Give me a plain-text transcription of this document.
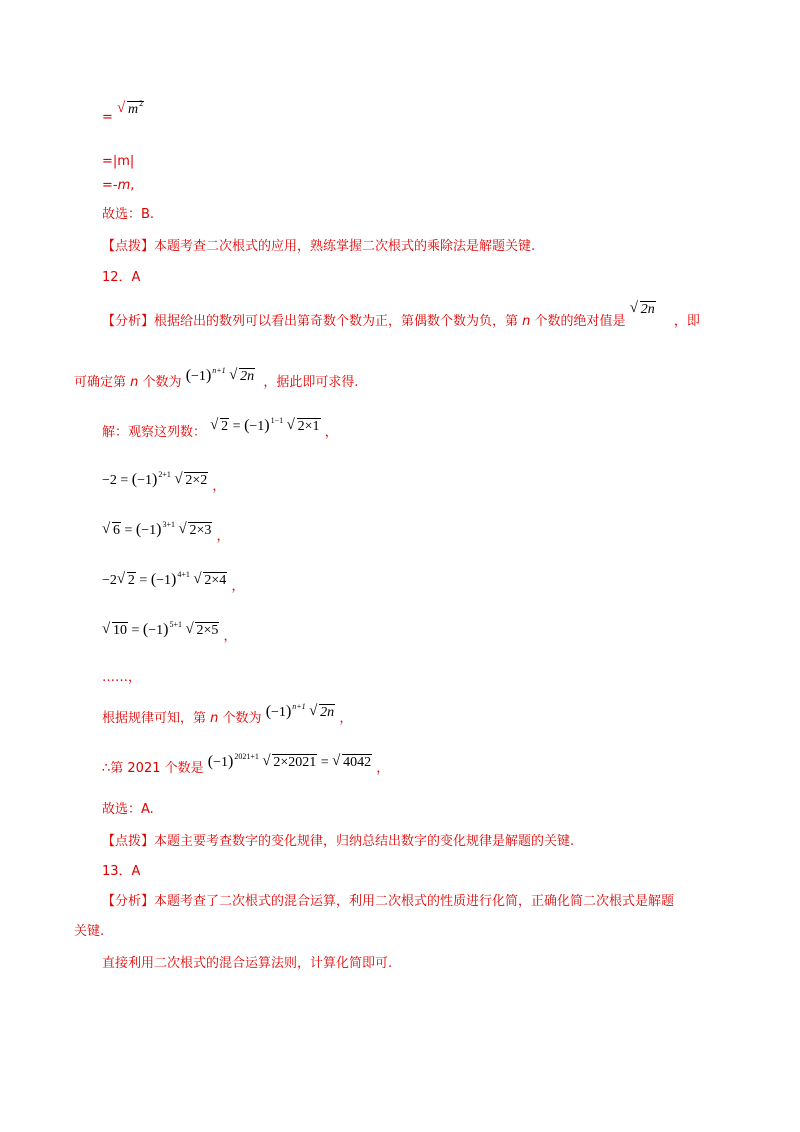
= √ $m^2$
=|m|
=-m,
故选：B.
【点拨】本题考查二次根式的应用，熟练掌握二次根式的乘除法是解题关键.
12．A
【分析】根据给出的数列可以看出第奇数个数为正，第偶数个数为负，第 n 个数的绝对值是 √ 2n ，即
可确定第 n 个数为 $(-1)^{n+1}$ √ 2n ，据此即可求得.
解：观察这列数： √ $2 = (-1)^{1-1}$ √ 2×1 ，
$-2 = (-1)^{2+1}$ √ 2×2 ，
√ $6 = (-1)^{3+1}$ √ 2×3 ，
−2 √ $2 = (-1)^{4+1}$ √ 2×4 ，
√ $10 = (-1)^{5+1}$ √ 2×5 ，
……，
根据规律可知，第 n 个数为 $(-1)^{n+1}$ √ 2n ，
∴第 2021 个数是 $(-1)^{2021+1}$ √ 2×2021 = √ 4042 ，
故选：A.
【点拨】本题主要考查数字的变化规律，归纳总结出数字的变化规律是解题的关键.
13．A
【分析】本题考查了二次根式的混合运算，利用二次根式的性质进行化简，正确化简二次根式是解题
关键.
直接利用二次根式的混合运算法则，计算化简即可.
